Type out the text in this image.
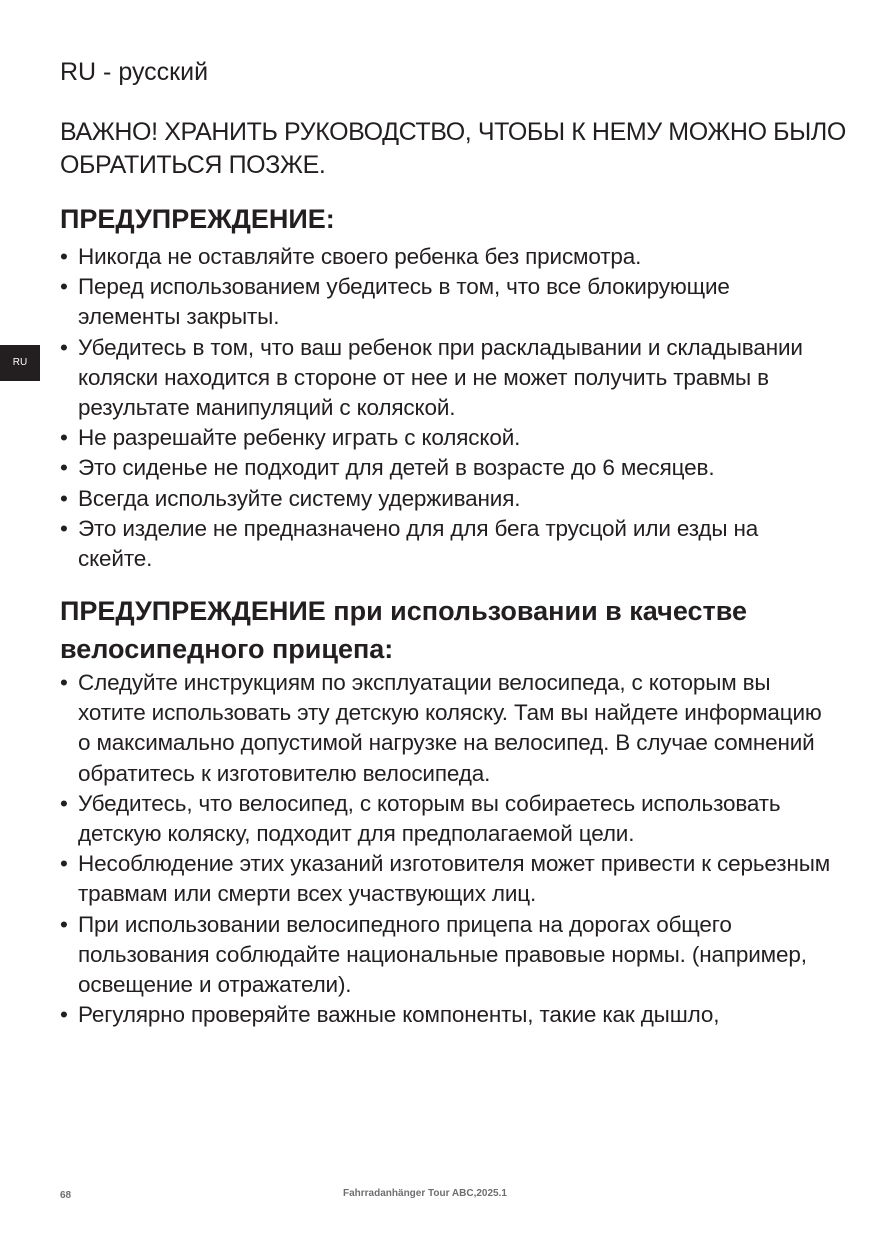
RU - русский
RU

ВАЖНО! ХРАНИТЬ РУКОВОДСТВО, ЧТОБЫ К НЕМУ МОЖНО БЫЛО ОБРАТИТЬСЯ ПОЗЖЕ.

ПРЕДУПРЕЖДЕНИЕ:
• Никогда не оставляйте своего ребенка без присмотра.
• Перед использованием убедитесь в том, что все блокирующие элементы закрыты.
• Убедитесь в том, что ваш ребенок при раскладывании и складывании коляски находится в стороне от нее и не может получить травмы в результате манипуляций с коляской.
• Не разрешайте ребенку играть с коляской.
• Это сиденье не подходит для детей в возрасте до 6 месяцев.
• Всегда используйте систему удерживания.
• Это изделие не предназначено для для бега трусцой или езды на скейте.
ПРЕДУПРЕЖДЕНИЕ при использовании в качестве велосипедного прицепа:
• Следуйте инструкциям по эксплуатации велосипеда, с которым вы хотите использовать эту детскую коляску. Там вы найдете информацию о максимально допустимой нагрузке на велосипед. В случае сомнений обратитесь к изготовителю велосипеда.
• Убедитесь, что велосипед, с которым вы собираетесь использовать детскую коляску, подходит для предполагаемой цели.
• Несоблюдение этих указаний изготовителя может привести к серьезным травмам или смерти всех участвующих лиц.
• При использовании велосипедного прицепа на дорогах общего пользования соблюдайте национальные правовые нормы. (например, освещение и отражатели).
• Регулярно проверяйте важные компоненты, такие как дышло,
68	Fahrradanhänger Tour ABC,2025.1
